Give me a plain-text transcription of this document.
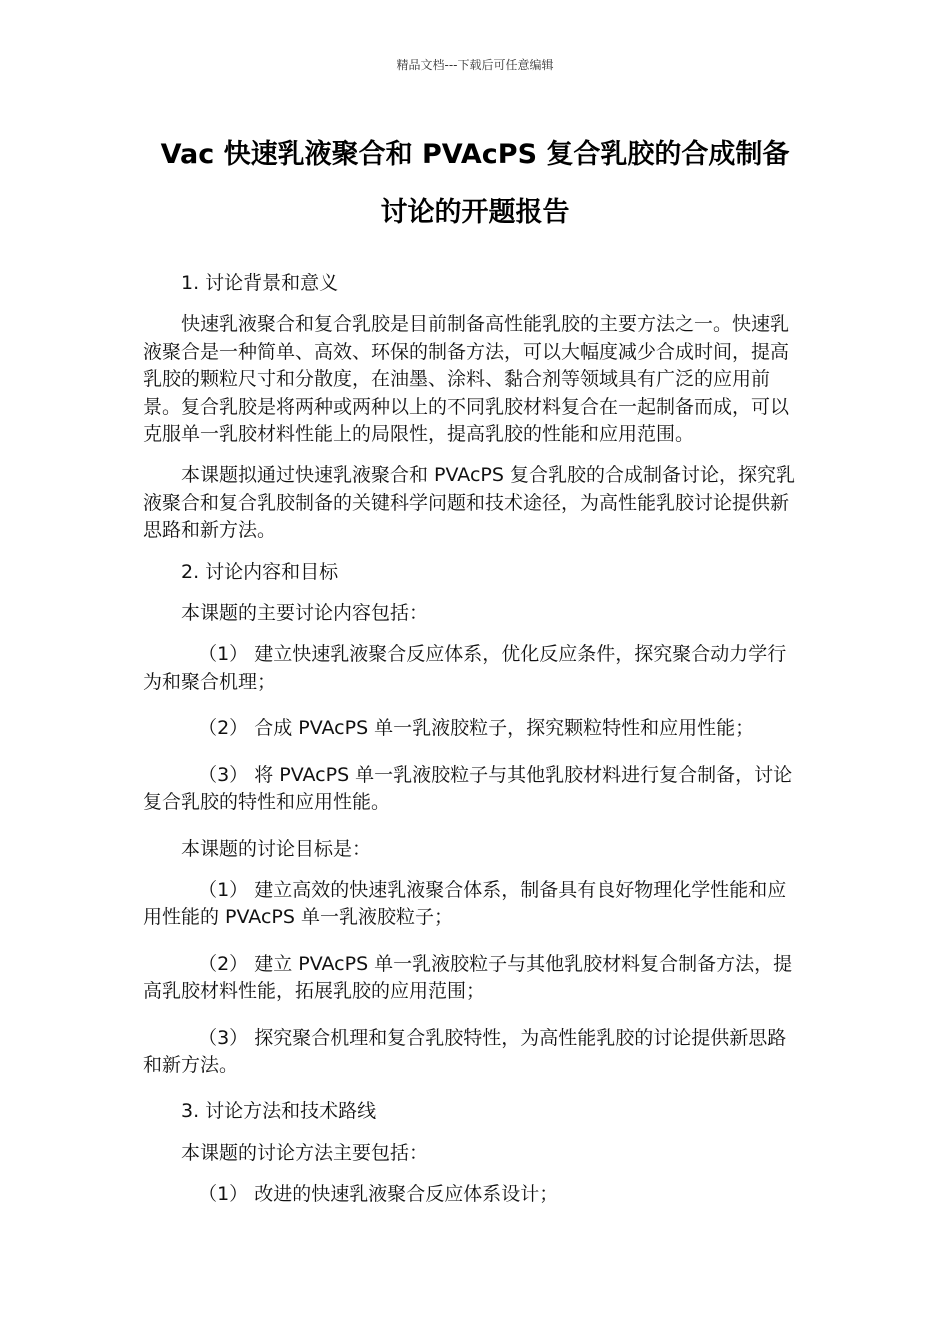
精品文档---下载后可任意编辑
Vac 快速乳液聚合和 PVAcPS 复合乳胶的合成制备
讨论的开题报告

1. 讨论背景和意义

快速乳液聚合和复合乳胶是目前制备高性能乳胶的主要方法之一。快速乳液聚合是一种简单、高效、环保的制备方法，可以大幅度减少合成时间，提高乳胶的颗粒尺寸和分散度，在油墨、涂料、黏合剂等领域具有广泛的应用前景。复合乳胶是将两种或两种以上的不同乳胶材料复合在一起制备而成，可以克服单一乳胶材料性能上的局限性，提高乳胶的性能和应用范围。

本课题拟通过快速乳液聚合和 PVAcPS 复合乳胶的合成制备讨论，探究乳液聚合和复合乳胶制备的关键科学问题和技术途径，为高性能乳胶讨论提供新思路和新方法。

2. 讨论内容和目标

本课题的主要讨论内容包括：

（1） 建立快速乳液聚合反应体系，优化反应条件，探究聚合动力学行为和聚合机理；

（2） 合成 PVAcPS 单一乳液胶粒子，探究颗粒特性和应用性能；

（3） 将 PVAcPS 单一乳液胶粒子与其他乳胶材料进行复合制备，讨论复合乳胶的特性和应用性能。

本课题的讨论目标是：

（1） 建立高效的快速乳液聚合体系，制备具有良好物理化学性能和应用性能的 PVAcPS 单一乳液胶粒子；

（2） 建立 PVAcPS 单一乳液胶粒子与其他乳胶材料复合制备方法，提高乳胶材料性能，拓展乳胶的应用范围；

（3） 探究聚合机理和复合乳胶特性，为高性能乳胶的讨论提供新思路和新方法。

3. 讨论方法和技术路线

本课题的讨论方法主要包括：

（1） 改进的快速乳液聚合反应体系设计；
